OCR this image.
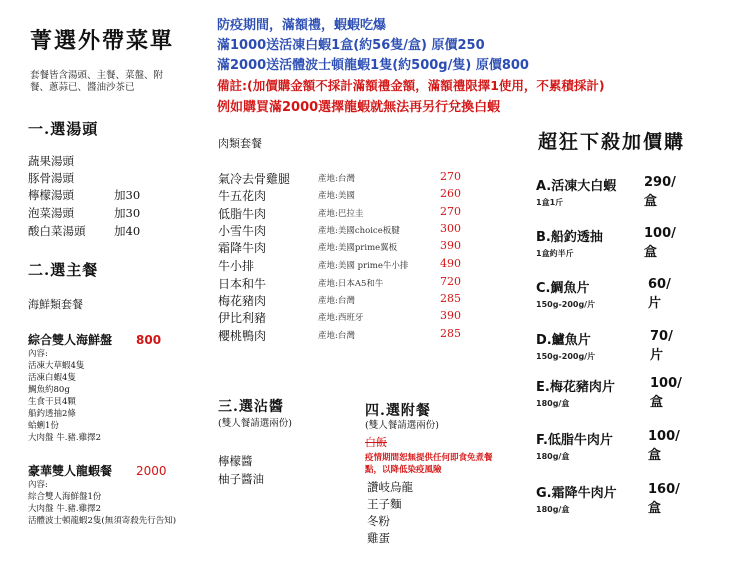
菁選外帶菜單
套餐皆含湯頭、主餐、菜盤、附
餐、蔥蒜已、醬油沙茶已
防疫期間，滿額禮，蝦蝦吃爆
滿1000送活凍白蝦1盒(約56隻/盒) 原價250
滿2000送活體波士頓龍蝦1隻(約500g/隻) 原價800
備註:(加價購金額不採計滿額禮金額，滿額禮限擇1使用，不累積採計)
例如購買滿2000選擇龍蝦就無法再另行兌換白蝦
一.選湯頭
蔬果湯頭
豚骨湯頭
檸檬湯頭	加30
泡菜湯頭	加30
酸白菜湯頭 加40
二.選主餐
海鮮類套餐
綜合雙人海鮮盤 800
內容:
活凍大草蝦4隻
活凍白蝦4隻
鯛魚約80g
生食干貝4顆
船釣透抽2條
蛤蜊1份
大肉盤 牛.豬.雞擇2
豪華雙人龍蝦餐 2000
內容:
綜合雙人海鮮盤1份
大肉盤 牛.豬.雞擇2
活體波士頓龍蝦2隻(無須寄殺先行告知)
肉類套餐
氣冷去骨雞腿	產地:台灣	270
牛五花肉	產地:美國	260
低脂牛肉	產地:巴拉圭	270
小雪牛肉	產地:美國choice板腱	300
霜降牛肉	產地:美國prime翼板	390
牛小排	產地:美國 prime牛小排	490
日本和牛	產地:日本A5和牛	720
梅花豬肉	產地:台灣	285
伊比利豬	產地:西班牙	390
櫻桃鴨肉	產地:台灣	285
三.選沾醬
(雙人餐請選兩份)
檸檬醬
柚子醬油
四.選附餐
(雙人餐請選兩份)
白飯
疫情期間恕無提供任何即食免煮餐
點，以降低染疫風險
讚岐烏龍
王子麵
冬粉
雞蛋
超狂下殺加價購
A.活凍大白蝦 290/盒
1盒1斤
B.船釣透抽	100/盒
1盒約半斤
C.鯛魚片	60/片
150g-200g/片
D.鱸魚片	70/片
150g-200g/片
E.梅花豬肉片	100/盒
180g/盒
F.低脂牛肉片	100/盒
180g/盒
G.霜降牛肉片 160/盒
180g/盒
